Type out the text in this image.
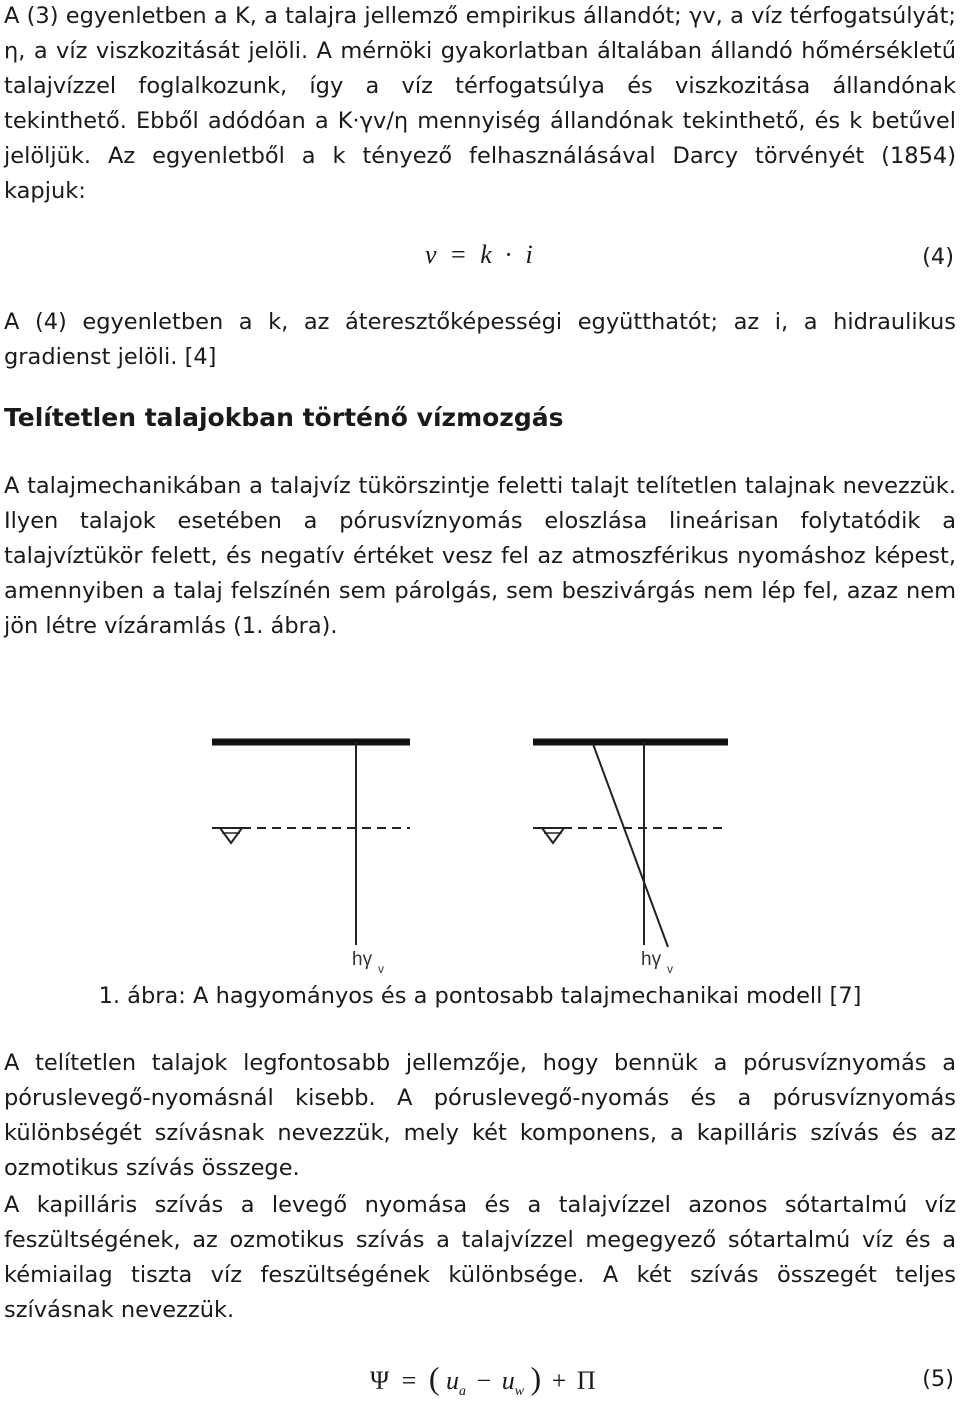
A (3) egyenletben a K, a talajra jellemző empirikus állandót; γv, a víz térfogatsúlyát; η, a víz viszkozitását jelöli. A mérnöki gyakorlatban általában állandó hőmérsékletű talajvízzel foglalkozunk, így a víz térfogatsúlya és viszkozitása állandónak tekinthető. Ebből adódóan a K·γv/η mennyiség állandónak tekinthető, és k betűvel jelöljük. Az egyenletből a k tényező felhasználásával Darcy törvényét (1854) kapjuk:

v = k · i	(4)

A (4) egyenletben a k, az áteresztőképességi együtthatót; az i, a hidraulikus gradienst jelöli. [4]

Telítetlen talajokban történő vízmozgás

A talajmechanikában a talajvíz tükörszintje feletti talajt telítetlen talajnak nevezzük. Ilyen talajok esetében a pórusvíznyomás eloszlása lineárisan folytatódik a talajvíztükör felett, és negatív értéket vesz fel az atmoszférikus nyomáshoz képest, amennyiben a talaj felszínén sem párolgás, sem beszivárgás nem lép fel, azaz nem jön létre vízáramlás (1. ábra).

hγ v	hγ v
1. ábra: A hagyományos és a pontosabb talajmechanikai modell [7]

A telítetlen talajok legfontosabb jellemzője, hogy bennük a pórusvíznyomás a póruslevegő-nyomásnál kisebb. A póruslevegő-nyomás és a pórusvíznyomás különbségét szívásnak nevezzük, mely két komponens, a kapilláris szívás és az ozmotikus szívás összege.

A kapilláris szívás a levegő nyomása és a talajvízzel azonos sótartalmú víz feszültségének, az ozmotikus szívás a talajvízzel megegyező sótartalmú víz és a kémiailag tiszta víz feszültségének különbsége. A két szívás összegét teljes szívásnak nevezzük.

Ψ = ( $u_a - u_w$ ) + Π	(5)
